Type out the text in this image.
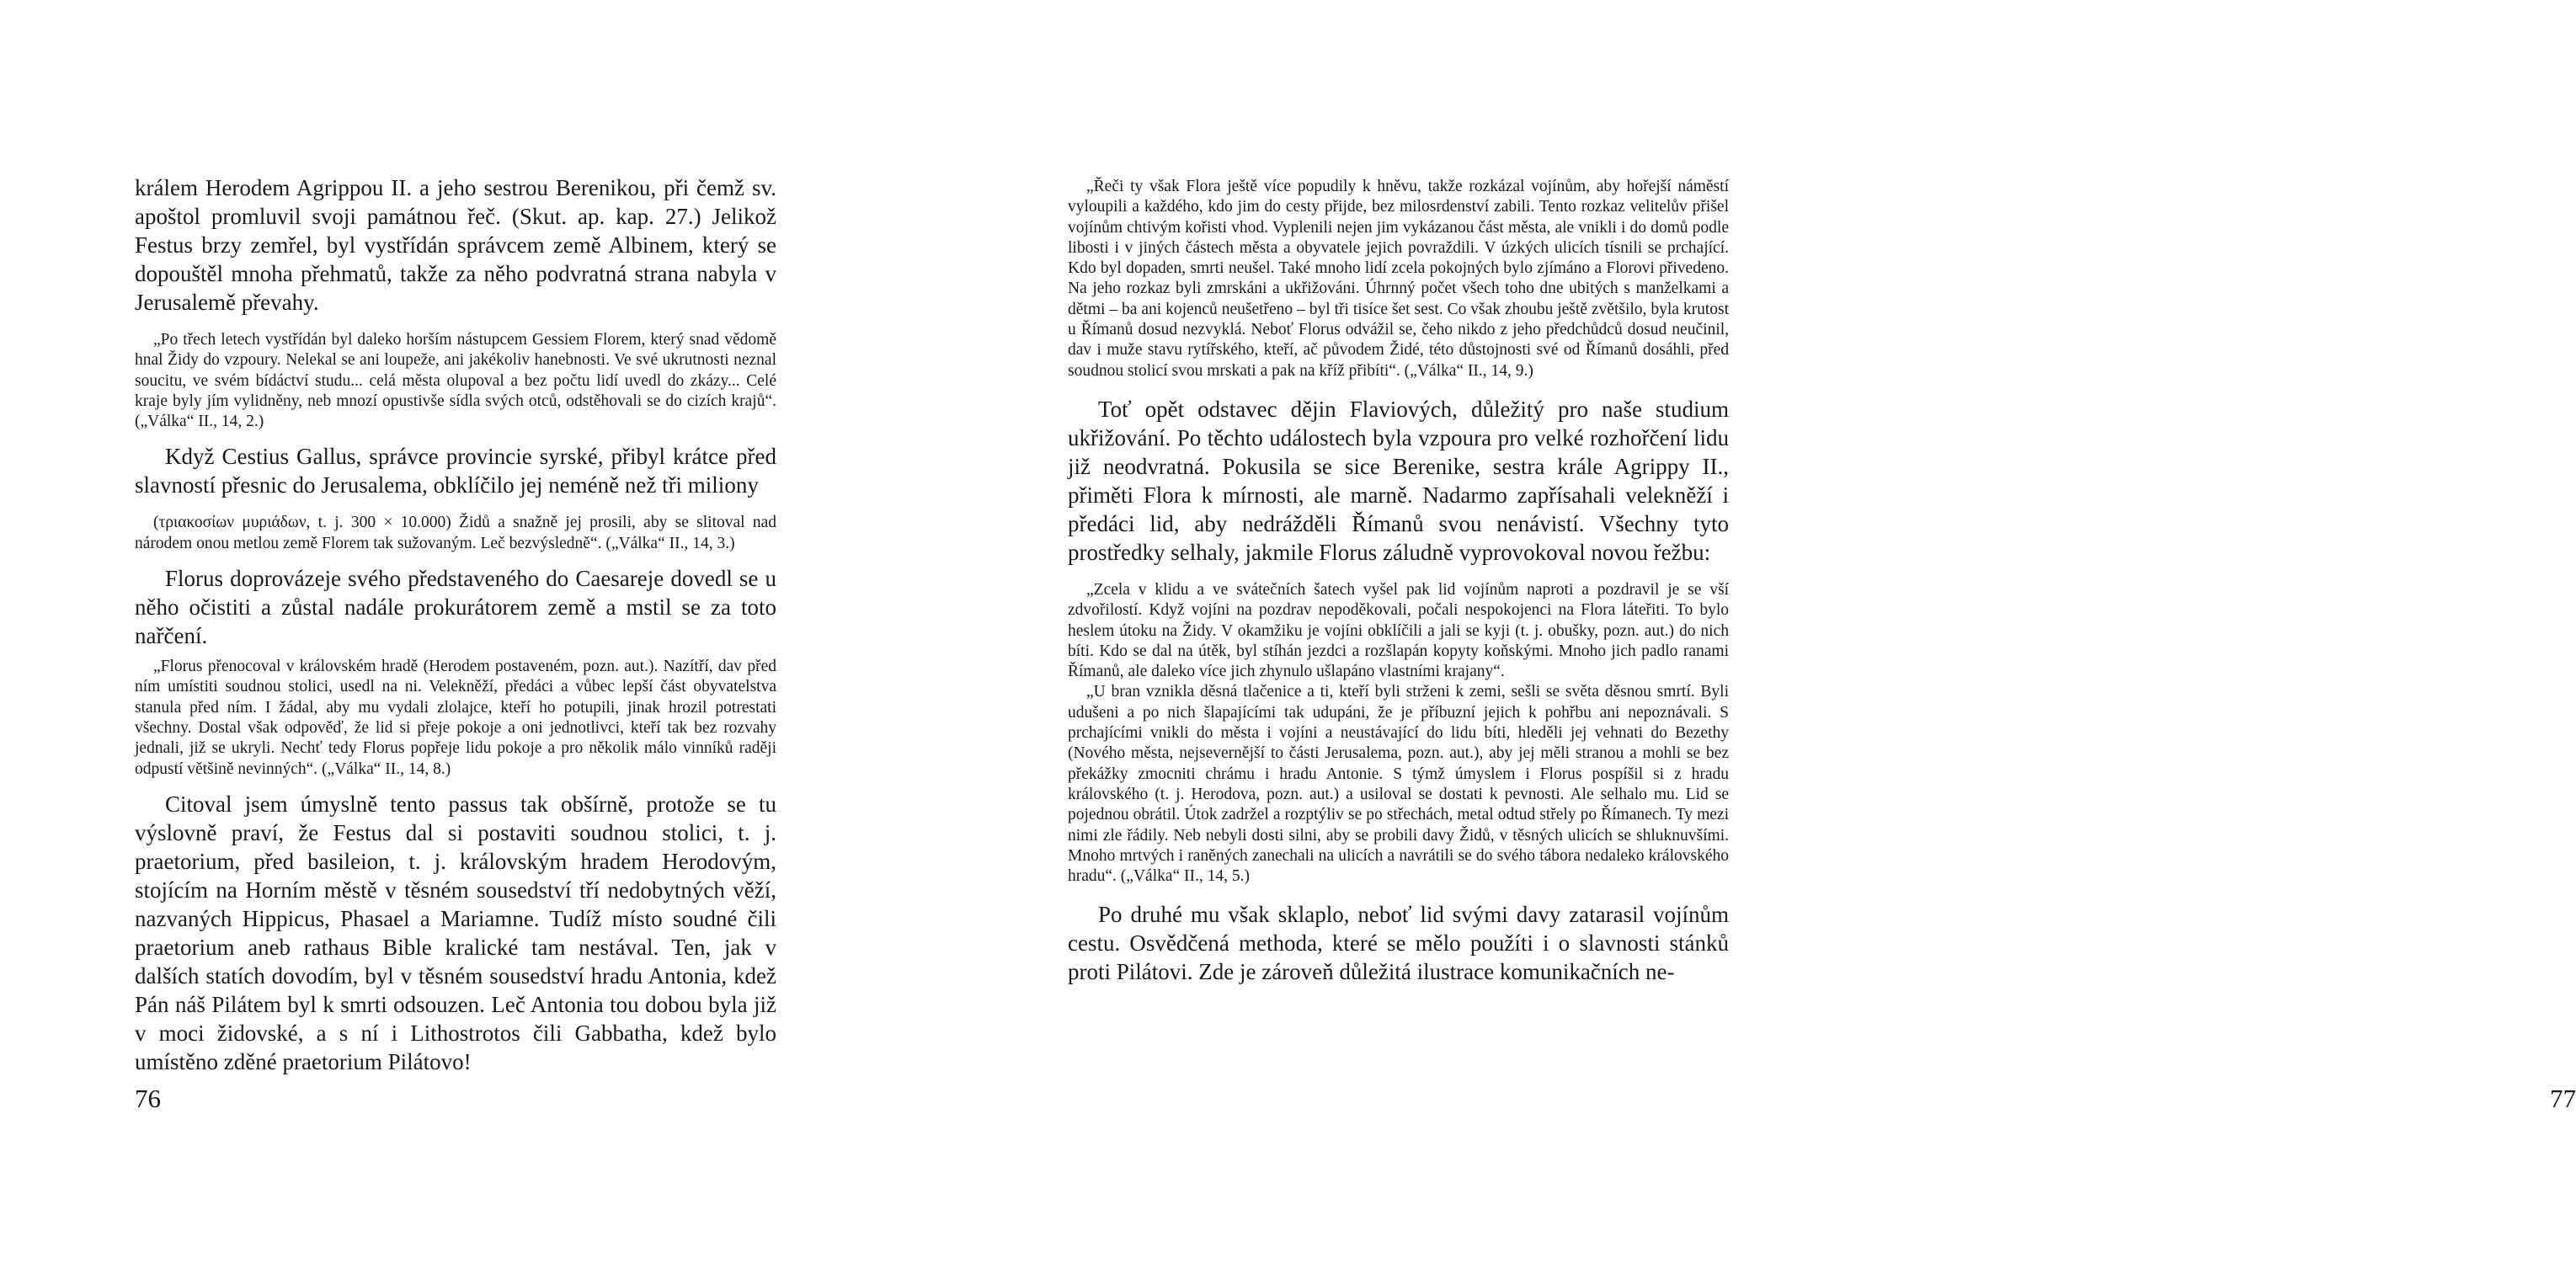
králem Herodem Agrippou II. a jeho sestrou Berenikou, při čemž sv. apoštol promluvil svoji památnou řeč. (Skut. ap. kap. 27.) Jelikož Festus brzy zemřel, byl vystřídán správcem země Albinem, který se dopouštěl mnoha přehmatů, takže za něho podvratná strana nabyla v Jerusalemě převahy.

„Po třech letech vystřídán byl daleko horším nástupcem Gessiem Florem, který snad vědomě hnal Židy do vzpoury. Nelekal se ani loupeže, ani jakékoliv hanebnosti. Ve své ukrutnosti neznal soucitu, ve svém bídáctví studu... celá města olupoval a bez počtu lidí uvedl do zkázy... Celé kraje byly jím vylidněny, neb mnozí opustivše sídla svých otců, odstěhovali se do cizích krajů“. („Válka“ II., 14, 2.)

Když Cestius Gallus, správce provincie syrské, přibyl krátce před slavností přesnic do Jerusalema, obklíčilo jej neméně než tři miliony

(τριακοσίων μυριάδων, t. j. 300 × 10.000) Židů a snažně jej prosili, aby se slitoval nad národem onou metlou země Florem tak sužovaným. Leč bezvýsledně“. („Válka“ II., 14, 3.)

Florus doprovázeje svého představeného do Caesareje dovedl se u něho očistiti a zůstal nadále prokurátorem země a mstil se za toto nařčení.

„Florus přenocoval v královském hradě (Herodem postaveném, pozn. aut.). Nazítří, dav před ním umístiti soudnou stolici, usedl na ni. Velekněží, předáci a vůbec lepší část obyvatelstva stanula před ním. I žádal, aby mu vydali zlolajce, kteří ho potupili, jinak hrozil potrestati všechny. Dostal však odpověď, že lid si přeje pokoje a oni jednotlivci, kteří tak bez rozvahy jednali, již se ukryli. Nechť tedy Florus popřeje lidu pokoje a pro několik málo vinníků raději odpustí většině nevinných“. („Válka“ II., 14, 8.)

Citoval jsem úmyslně tento passus tak obšírně, protože se tu výslovně praví, že Festus dal si postaviti soudnou stolici, t. j. praetorium, před basileion, t. j. královským hradem Herodovým, stojícím na Horním městě v těsném sousedství tří nedobytných věží, nazvaných Hippicus, Phasael a Mariamne. Tudíž místo soudné čili praetorium aneb rathaus Bible kralické tam nestával. Ten, jak v dalších statích dovodím, byl v těsném sousedství hradu Antonia, kdež Pán náš Pilátem byl k smrti odsouzen. Leč Antonia tou dobou byla již v moci židovské, a s ní i Lithostrotos čili Gabbatha, kdež bylo umístěno zděné praetorium Pilátovo!

76

„Řeči ty však Flora ještě více popudily k hněvu, takže rozkázal vojínům, aby hořejší náměstí vyloupili a každého, kdo jim do cesty přijde, bez milosrdenství zabili. Tento rozkaz velitelův přišel vojínům chtivým kořisti vhod. Vyplenili nejen jim vykázanou část města, ale vnikli i do domů podle libosti i v jiných částech města a obyvatele jejich povraždili. V úzkých ulicích tísnili se prchající. Kdo byl dopaden, smrti neušel. Také mnoho lidí zcela pokojných bylo zjímáno a Florovi přivedeno. Na jeho rozkaz byli zmrskáni a ukřižováni. Úhrnný počet všech toho dne ubitých s manželkami a dětmi – ba ani kojenců neušetřeno – byl tři tisíce šet sest. Co však zhoubu ještě zvětšilo, byla krutost u Římanů dosud nezvyklá. Neboť Florus odvážil se, čeho nikdo z jeho předchůdců dosud neučinil, dav i muže stavu rytířského, kteří, ač původem Židé, této důstojnosti své od Římanů dosáhli, před soudnou stolicí svou mrskati a pak na kříž přibíti“. („Válka“ II., 14, 9.)

Toť opět odstavec dějin Flaviových, důležitý pro naše studium ukřižování. Po těchto událostech byla vzpoura pro velké rozhořčení lidu již neodvratná. Pokusila se sice Berenike, sestra krále Agrippy II., přiměti Flora k mírnosti, ale marně. Nadarmo zapřísahali velekněží i předáci lid, aby nedrážděli Římanů svou nenávistí. Všechny tyto prostředky selhaly, jakmile Florus záludně vyprovokoval novou řežbu:

„Zcela v klidu a ve svátečních šatech vyšel pak lid vojínům naproti a pozdravil je se vší zdvořilostí. Když vojíni na pozdrav nepoděkovali, počali nespokojenci na Flora láteřiti. To bylo heslem útoku na Židy. V okamžiku je vojíni obklíčili a jali se kyji (t. j. obušky, pozn. aut.) do nich bíti. Kdo se dal na útěk, byl stíhán jezdci a rozšlapán kopyty koňskými. Mnoho jich padlo ranami Římanů, ale daleko více jich zhynulo ušlapáno vlastními krajany“.

„U bran vznikla děsná tlačenice a ti, kteří byli strženi k zemi, sešli se světa děsnou smrtí. Byli udušeni a po nich šlapajícími tak udupáni, že je příbuzní jejich k pohřbu ani nepoznávali. S prchajícími vnikli do města i vojíni a neustávající do lidu bíti, hleděli jej vehnati do Bezethy (Nového města, nejsevernější to části Jerusalema, pozn. aut.), aby jej měli stranou a mohli se bez překážky zmocniti chrámu i hradu Antonie. S týmž úmyslem i Florus pospíšil si z hradu královského (t. j. Herodova, pozn. aut.) a usiloval se dostati k pevnosti. Ale selhalo mu. Lid se pojednou obrátil. Útok zadržel a rozptýliv se po střechách, metal odtud střely po Římanech. Ty mezi nimi zle řádily. Neb nebyli dosti silni, aby se probili davy Židů, v těsných ulicích se shluknuvšími. Mnoho mrtvých i raněných zanechali na ulicích a navrátili se do svého tábora nedaleko královského hradu“. („Válka“ II., 14, 5.)

Po druhé mu však sklaplo, neboť lid svými davy zatarasil vojínům cestu. Osvědčená methoda, které se mělo použíti i o slavnosti stánků proti Pilátovi. Zde je zároveň důležitá ilustrace komunikačních ne-

77
